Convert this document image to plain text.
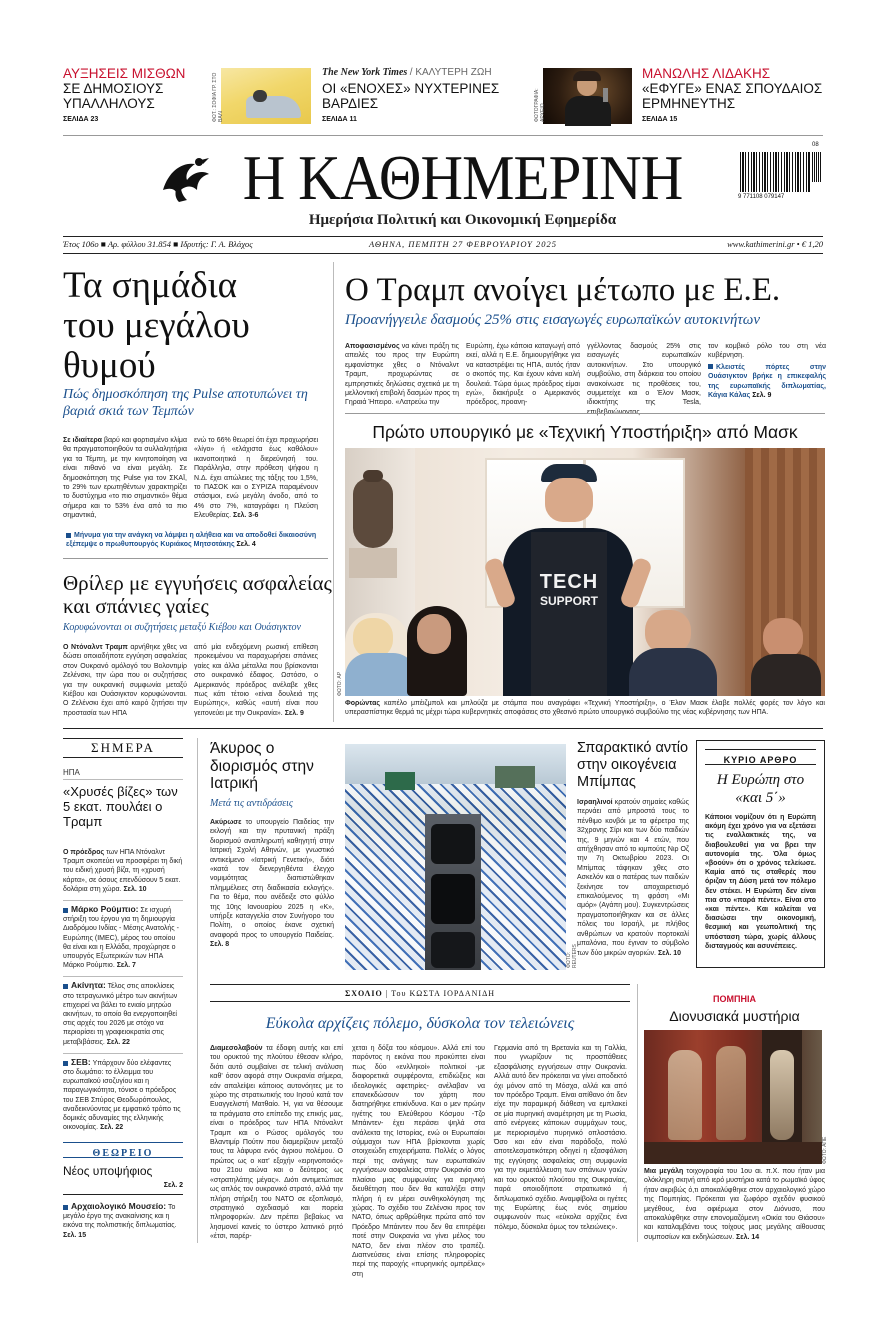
ΑΥΞΗΣΕΙΣ ΜΙΣΘΩΝ
ΣΕ ΔΗΜΟΣΙΟΥΣ ΥΠΑΛΛΗΛΟΥΣ
ΣΕΛΙΔΑ 23	ΦΩΤ.: ΣΟΦΙΑ ΓΡ. ΣΤΟ ΒΑΛΙ
The New York Times / ΚΑΛΥΤΕΡΗ ΖΩΗ
ΟΙ «ΕΝΟΧΕΣ» ΝΥΧΤΕΡΙΝΕΣ ΒΑΡΔΙΕΣ
ΣΕΛΙΔΑ 11	ΦΩΤΟΓΡΑΦΙΑ: ΑΡΧΕΙΟ
ΜΑΝΩΛΗΣ ΛΙΔΑΚΗΣ
«ΕΦΥΓΕ» ΕΝΑΣ ΣΠΟΥΔΑΙΟΣ ΕΡΜΗΝΕΥΤΗΣ
ΣΕΛΙΔΑ 15
Η ΚΑΘΗΜΕΡΙΝΗ
Ημερήσια Πολιτική και Οικονομική Εφημερίδα
08
9 771108 079147
Έτος 106ο ■ Αρ. φύλλου 31.854 ■ Ιδρυτής: Γ. Α. Βλάχος	ΑΘΗΝΑ, ΠΕΜΠΤΗ 27 ΦΕΒΡΟΥΑΡΙΟΥ 2025	www.kathimerini.gr • € 1,20
Τα σημάδια του μεγάλου θυμού
Πώς δημοσκόπηση της Pulse αποτυπώνει τη βαριά σκιά των Τεμπών
Σε ιδιαίτερα βαρύ και φορτισμένο κλίμα θα πραγματοποιηθούν τα συλλαλητήρια για τα Τέμπη, με την κινητοποίηση να είναι πιθανό να είναι μεγάλη. Σε δημοσκόπηση της Pulse για τον ΣΚΑΪ, το 29% των ερωτηθέντων χαρακτηρίζει το δυστύχημα «το πιο σημαντικό» θέμα σήμερα και το 53% ένα από τα πιο σημαντικά,
ενώ το 66% θεωρεί ότι έχει προχωρήσει «λίγο» ή «ελάχιστα έως καθόλου» ικανοποιητικά η διερεύνησή του. Παράλληλα, στην πρόθεση ψήφου η Ν.Δ. έχει απώλειες της τάξης του 1,5%, το ΠΑΣΟΚ και ο ΣΥΡΙΖΑ παραμένουν στάσιμοι, ενώ μεγάλη άνοδο, από το 4% στο 7%, καταγράφει η Πλεύση Ελευθερίας. Σελ. 3-6
Μήνυμα για την ανάγκη να λάμψει η αλήθεια και να αποδοθεί δικαιοσύνη εξέπεμψε ο πρωθυπουργός Κυριάκος Μητσοτάκης Σελ. 4
Θρίλερ με εγγυήσεις ασφαλείας και σπάνιες γαίες
Κορυφώνονται οι συζητήσεις μεταξύ Κιέβου και Ουάσιγκτον
Ο Ντόναλντ Τραμπ αρνήθηκε χθες να δώσει οποιαδήποτε εγγύηση ασφαλείας στον Ουκρανό ομόλογό του Βολοντιμίρ Ζελένσκι, την ώρα που οι συζητήσεις για την ουκρανική συμφωνία μεταξύ Κιέβου και Ουάσιγκτον κορυφώνονται. Ο Ζελένσκι έχει από καιρό ζητήσει την προστασία των ΗΠΑ
από μία ενδεχόμενη ρωσική επίθεση προκειμένου να παραχωρήσει σπάνιες γαίες και άλλα μέταλλα που βρίσκονται στο ουκρανικό έδαφος. Ωστόσο, ο Αμερικανός πρόεδρος ανέλαβε χθες πως κάτι τέτοιο «είναι δουλειά της Ευρώπης», καθώς «αυτή είναι που γειτονεύει με την Ουκρανία». Σελ. 9
Ο Τραμπ ανοίγει μέτωπο με Ε.Ε.
Προανήγγειλε δασμούς 25% στις εισαγωγές ευρωπαϊκών αυτοκινήτων
Αποφασισμένος να κάνει πράξη τις απειλές του προς την Ευρώπη εμφανίστηκε χθες ο Ντόναλντ Τραμπ, προχωρώντας σε εμπρηστικές δηλώσεις σχετικά με τη μελλοντική επιβολή δασμών προς τη Γηραιά Ήπειρο. «Λατρεύω την
Ευρώπη, έχω κάποια καταγωγή από εκεί, αλλά η Ε.Ε. δημιουργήθηκε για να καταστρέψει τις ΗΠΑ, αυτός ήταν ο σκοπός της. Και έχουν κάνει καλή δουλειά. Τώρα όμως πρόεδρος είμαι εγώ», διακήρυξε ο Αμερικανός πρόεδρος, προανη-
γγέλλοντας δασμούς 25% στις εισαγωγές ευρωπαϊκών αυτοκινήτων. Στο υπουργικό συμβούλιο, στη διάρκεια του οποίου ανακοίνωσε τις προθέσεις του, συμμετείχε και ο Έλον Μασκ, ιδιοκτήτης της Tesla,
τον κομβικό ρόλο του στη νέα κυβέρνηση.
Κλειστές πόρτες στην Ουάσιγκτον βρήκε η επικεφαλής της ευρωπαϊκής διπλωματίας, Κάγια Κάλας Σελ. 9
Πρώτο υπουργικό με «Τεχνική Υποστήριξη» από Μασκ
TECH
SUPPORT
ΦΩΤΟ: AP
Φορώντας καπέλο μπέιζμπολ και μπλούζα με στάμπα που αναγράφει «Τεχνική Υποστήριξη», ο Έλον Μασκ έλαβε πολλές φορές τον λόγο και υπερασπίστηκε θερμά τις μέχρι τώρα κυβερνητικές αποφάσεις στο χθεσινό πρώτο υπουργικό συμβούλιο της νέας κυβέρνησης των ΗΠΑ.
ΣΗΜΕΡΑ
ΗΠΑ
«Χρυσές βίζες» των 5 εκατ. πουλάει ο Τραμπ
Ο πρόεδρος των ΗΠΑ Ντόναλντ Τραμπ σκοπεύει να προσφέρει τη δική του ειδική χρυσή βίζα, τη «χρυσή κάρτα», σε όσους επενδύσουν 5 εκατ. δολάρια στη χώρα. Σελ. 10
Μάρκο Ρούμπιο: Σε ισχυρή στήριξη του έργου για τη δημιουργία Διαδρόμου Ινδίας - Μέσης Ανατολής - Ευρώπης (IMEC), μέρος του οποίου θα είναι και η Ελλάδα, προχώρησε ο υπουργός Εξωτερικών των ΗΠΑ Μάρκο Ρούμπιο. Σελ. 7
Ακίνητα: Τέλος στις αποκλίσεις στο τετραγωνικό μέτρο των ακινήτων επιχειρεί να βάλει το ενιαίο μητρώο ακινήτων, το οποίο θα ενεργοποιηθεί στις αρχές του 2026 με στόχο να περιορίσει τη γραφειοκρατία στις μεταβιβάσεις. Σελ. 22
ΣΕΒ: Υπάρχουν δύο ελέφαντες στο δωμάτιο: το έλλειμμα του ευρωπαϊκού ισοζυγίου και η παραγωγικότητα, τόνισε ο πρόεδρος του ΣΕΒ Σπύρος Θεοδωρόπουλος, αναδεικνύοντας με εμφατικό τρόπο τις δομικές αδυναμίες της ελληνικής οικονομίας. Σελ. 22
ΘΕΩΡΕΙΟ
Νέος υποψήφιος
Σελ. 2
Αρχαιολογικό Μουσείο: Το μεγάλο έργο της ανακαίνισης και η εικόνα της πολιτιστικής διπλωματίας. Σελ. 15
Άκυρος ο διορισμός στην Ιατρική
Μετά τις αντιδράσεις
Ακύρωσε το υπουργείο Παιδείας την εκλογή και την πρυτανική πράξη διορισμού αναπληρωτή καθηγητή στην Ιατρική Σχολή Αθηνών, με γνωστικό αντικείμενο «Ιατρική Γενετική», διότι «κατά τον διενεργηθέντα έλεγχο νομιμότητας διαπιστώθηκαν πλημμέλειες στη διαδικασία εκλογής». Για το θέμα, που ανέδειξε στο φύλλο της 10ης Ιανουαρίου 2025 η «Κ», υπήρξε καταγγελία στον Συνήγορο του Πολίτη, ο οποίος έκανε σχετική αναφορά προς το υπουργείο Παιδείας. Σελ. 8
ΦΩΤΟ: REUTERS
Σπαρακτικό αντίο στην οικογένεια Μπίμπας
Ισραηλινοί κρατούν σημαίες καθώς περνάει από μπροστά τους το πένθιμο κονβόι με τα φέρετρα της 32χρονης Σίρι και των δύο παιδιών της, 9 μηνών και 4 ετών, που απήχθησαν από το κιμπούτς Νιρ Οζ την 7η Οκτωβρίου 2023. Οι Μπίμπας τάφηκαν χθες στο Ασκελόν και ο πατέρας των παιδιών ξεκίνησε τον αποχαιρετισμό επικαλούμενος τη φράση «Μι αμόρ» (Αγάπη μου). Συγκεντρώσεις πραγματοποιήθηκαν και σε άλλες πόλεις του Ισραήλ, με πλήθος ανθρώπων να κρατούν πορτοκαλί μπαλόνια, που έγιναν το σύμβολο των δύο μικρών αγοριών. Σελ. 10
ΚΥΡΙΟ ΑΡΘΡΟ
Η Ευρώπη στο «και 5΄»
Κάποιοι νομίζουν ότι η Ευρώπη ακόμη έχει χρόνο για να εξετάσει τις εναλλακτικές της, να διαβουλευθεί για να βρει την αυτονομία της. Όλα όμως «βοούν» ότι ο χρόνος τελείωσε. Καμία από τις σταθερές που όριζαν τη Δύση μετά τον πόλεμο δεν στέκει. Η Ευρώπη δεν είναι πια στο «παρά πέντε». Είναι στο «και πέντε». Και καλείται να διασώσει την οικονομική, θεσμική και γεωπολιτική της υπόσταση τώρα, χωρίς άλλους δισταγμούς και ασυνέπειες.
ΣΧΟΛΙΟ | Του ΚΩΣΤΑ ΙΟΡΔΑΝΙΔΗ
Εύκολα αρχίζεις πόλεμο, δύσκολα τον τελειώνεις
Διαμεσολαβούν τα έδαφη αυτής και επί του ορυκτού της πλούτου έθεσαν κλήρο, διότι αυτό συμβαίνει σε τελική ανάλυση καθ' όσον αφορά στην Ουκρανία σήμερα, εάν απαλείψει κάποιος αυτονόητες με το χώρο της στρατιωτικής του Ιησού κατά τον Ευαγγελιστή Ματθαίο. Ή, για να θέσουμε τα πράγματα στο επίπεδο της επικής μας, είναι ο πρόεδρος των ΗΠΑ Ντόναλντ Τραμπ και ο Ρώσος ομόλογός του Βλαντιμίρ Πούτιν που διαμερίζουν μεταξύ τους τα λάφυρα ενός άγριου πολέμου. Ο πρώτος ως ο κατ' εξοχήν «ειρηνοποιός» του 21ου αιώνα και ο δεύτερος ως «στρατηλάτης μέγας». Διότι αντιμετώπισε ως απλός τον ουκρανικό στρατό, αλλά την πλήρη στήριξη του ΝΑΤΟ σε εξοπλισμό, στρατηγικό σχεδιασμό και πορεία πληροφοριών. Δεν πρέπει βεβαίως να λησμονεί κανείς το ύστερο λατινικό ρητό «έτσι, παρέρ-
χεται η δόξα του κόσμου». Αλλά επί του παρόντος η εικόνα που προκύπτει είναι πως δύο «ενλληκοί» πολιτικοί -με διαφορετικά συμφέροντα, επιδιώξεις και ιδεολογικές αφετηρίες- ανέλαβαν να επανεκδώσουν τον χάρτη που διατηρήθηκε επικίνδυνα. Και ο μεν πρώην ηγέτης του Ελεύθερου Κόσμου -Τζο Μπάιντεν- έχει περάσει ψηλά στα ανάλεκτα της Ιστορίας, ενώ οι Ευρωπαίοι σύμμαχοι των ΗΠΑ βρίσκονται χωρίς στοιχειώδη επιχειρήματα. Πολλές ο λόγος περί της ανάγκης των ευρωπαϊκών εγγυήσεων ασφαλείας στην Ουκρανία στο πλαίσιο μιας συμφωνίας για ειρηνική διευθέτηση που δεν θα καταλήξει στην πλήρη ή εν μέρει συνθηκολόγηση της χώρας. Το σχέδιο του Ζελένσκι προς τον ΝΑΤΟ, όπως αρθρώθηκε πρώτα από τον Πρόεδρο Μπάιντεν που δεν θα επιτρέψει ποτέ στην Ουκρανία να γίνει μέλος του ΝΑΤΟ, δεν είναι πλέον στο τραπέζι. Διαπνεύσεις είναι επίσης πληροφορίες περί της παροχής «πυρηνικής ομπρέλας» στη
Γερμανία από τη Βρετανία και τη Γαλλία, που γνωρίζουν τις προσπάθειες εξασφάλισης εγγυήσεων στην Ουκρανία. Αλλά αυτό δεν πρόκειται να γίνει αποδεκτό όχι μόνον από τη Μόσχα, αλλά και από τον πρόεδρο Τραμπ. Είναι απίθανο ότι δεν είχε την παραμικρή διάθεση να εμπλακεί σε μία πυρηνική αναμέτρηση με τη Ρωσία, από ενέργειες κάποιων συμμάχων τους, με περιορισμένο πυρηνικό οπλοστάσιο. Όσο και εάν είναι παράδοξο, πολύ αποτελεσματικότερη οδηγεί η εξασφάλιση της εγγύησης ασφαλείας στη συμφωνία για την εκμετάλλευση των σπάνιων γαιών και του ορυκτού πλούτου της Ουκρανίας, παρά οποιοδήποτε στρατιωτικό ή διπλωματικό σχέδιο. Αναμφίβολα οι ηγέτες της Ευρώπης έως ενός σημείου συμφωνούν πως «εύκολα αρχίζεις ένα πόλεμο, δύσκολα όμως τον τελειώνεις».
ΠΟΜΠΗΙΑ
Διονυσιακά μυστήρια
ΦΩΤΟ: ΑΠΕ
Μια μεγάλη τοιχογραφία του 1ου αι. π.Χ. που ήταν μια ολόκληρη σκηνή από ιερό μυστήριο κατά το ρωμαϊκό ύφος ήταν ακριβώς ό,τι αποκαλύφθηκε στον αρχαιολογικό χώρο της Πομπηίας. Πρόκειται για ζωφόρο σχεδόν φυσικού μεγέθους, ένα αφιέρωμα στον Διόνυσο, που αποκαλύφθηκε στην επονομαζόμενη «Οικία του Θιάσου» και καταλαμβάνει τους τοίχους μιας μεγάλης αίθουσας συμποσίων και εκδηλώσεων. Σελ. 14
